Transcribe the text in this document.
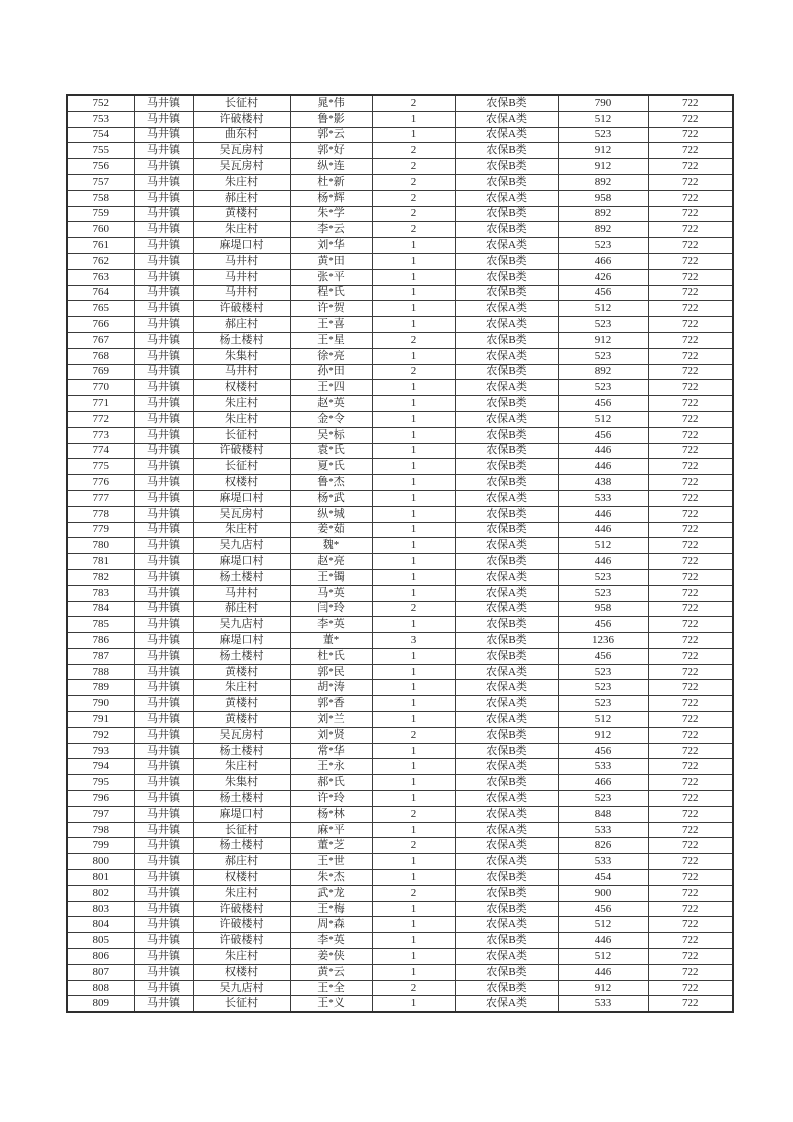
752	马井镇	长征村	晁*伟	2	农保B类	790	722
753	马井镇	许破楼村	鲁*影	1	农保A类	512	722
754	马井镇	曲东村	郭*云	1	农保A类	523	722
755	马井镇	吴瓦房村	郭*好	2	农保B类	912	722
756	马井镇	吴瓦房村	纵*连	2	农保B类	912	722
757	马井镇	朱庄村	杜*新	2	农保B类	892	722
758	马井镇	郝庄村	杨*辉	2	农保A类	958	722
759	马井镇	黄楼村	朱*学	2	农保B类	892	722
760	马井镇	朱庄村	李*云	2	农保B类	892	722
761	马井镇	麻堤口村	刘*华	1	农保A类	523	722
762	马井镇	马井村	黄*田	1	农保B类	466	722
763	马井镇	马井村	张*平	1	农保B类	426	722
764	马井镇	马井村	程*氏	1	农保B类	456	722
765	马井镇	许破楼村	许*贺	1	农保A类	512	722
766	马井镇	郝庄村	王*喜	1	农保A类	523	722
767	马井镇	杨土楼村	王*星	2	农保B类	912	722
768	马井镇	朱集村	徐*亮	1	农保A类	523	722
769	马井镇	马井村	孙*田	2	农保B类	892	722
770	马井镇	权楼村	王*四	1	农保A类	523	722
771	马井镇	朱庄村	赵*英	1	农保B类	456	722
772	马井镇	朱庄村	金*令	1	农保A类	512	722
773	马井镇	长征村	吴*标	1	农保B类	456	722
774	马井镇	许破楼村	袁*氏	1	农保B类	446	722
775	马井镇	长征村	夏*氏	1	农保B类	446	722
776	马井镇	权楼村	鲁*杰	1	农保B类	438	722
777	马井镇	麻堤口村	杨*武	1	农保A类	533	722
778	马井镇	吴瓦房村	纵*城	1	农保B类	446	722
779	马井镇	朱庄村	姜*茹	1	农保B类	446	722
780	马井镇	吴九店村	魏*	1	农保A类	512	722
781	马井镇	麻堤口村	赵*亮	1	农保B类	446	722
782	马井镇	杨土楼村	王*镯	1	农保A类	523	722
783	马井镇	马井村	马*英	1	农保A类	523	722
784	马井镇	郝庄村	闫*玲	2	农保A类	958	722
785	马井镇	吴九店村	李*英	1	农保B类	456	722
786	马井镇	麻堤口村	董*	3	农保B类	1236	722
787	马井镇	杨土楼村	杜*氏	1	农保B类	456	722
788	马井镇	黄楼村	郭*民	1	农保A类	523	722
789	马井镇	朱庄村	胡*涛	1	农保A类	523	722
790	马井镇	黄楼村	郭*香	1	农保A类	523	722
791	马井镇	黄楼村	刘*兰	1	农保A类	512	722
792	马井镇	吴瓦房村	刘*贤	2	农保B类	912	722
793	马井镇	杨土楼村	常*华	1	农保B类	456	722
794	马井镇	朱庄村	王*永	1	农保A类	533	722
795	马井镇	朱集村	郝*氏	1	农保B类	466	722
796	马井镇	杨土楼村	许*玲	1	农保A类	523	722
797	马井镇	麻堤口村	杨*林	2	农保A类	848	722
798	马井镇	长征村	麻*平	1	农保A类	533	722
799	马井镇	杨土楼村	董*芝	2	农保A类	826	722
800	马井镇	郝庄村	王*世	1	农保A类	533	722
801	马井镇	权楼村	朱*杰	1	农保B类	454	722
802	马井镇	朱庄村	武*龙	2	农保B类	900	722
803	马井镇	许破楼村	王*梅	1	农保B类	456	722
804	马井镇	许破楼村	周*森	1	农保A类	512	722
805	马井镇	许破楼村	李*英	1	农保B类	446	722
806	马井镇	朱庄村	姜*侠	1	农保A类	512	722
807	马井镇	权楼村	黄*云	1	农保B类	446	722
808	马井镇	吴九店村	王*全	2	农保B类	912	722
809	马井镇	长征村	王*义	1	农保A类	533	722
